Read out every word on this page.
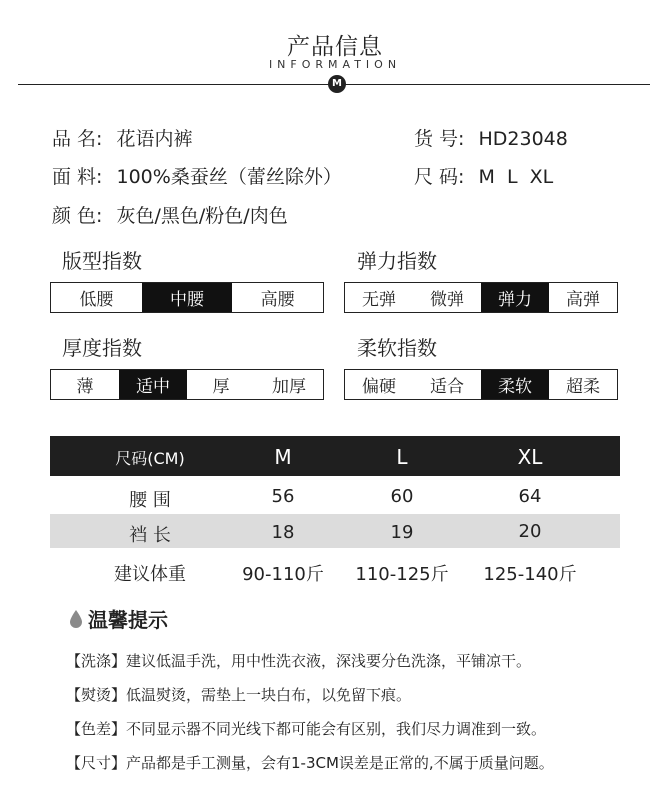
产品信息
INFORMATION
M
品 名: 花语内裤	货 号: HD23048
面 料: 100%桑蚕丝（蕾丝除外）	尺 码: M  L  XL
颜 色: 灰色/黑色/粉色/肉色
版型指数
低腰	中腰	高腰
弹力指数
无弹	微弹	弹力	高弹
厚度指数
薄	适中	厚	加厚
柔软指数
偏硬	适合	柔软	超柔
尺码(CM)	M	L	XL
腰 围	56	60	64
裆 长	18	19	20
建议体重	90-110斤	110-125斤	125-140斤
温馨提示
【洗涤】建议低温手洗，用中性洗衣液，深浅要分色洗涤，平铺凉干。
【熨烫】低温熨烫，需垫上一块白布，以免留下痕。
【色差】不同显示器不同光线下都可能会有区别，我们尽力调准到一致。
【尺寸】产品都是手工测量，会有1-3CM误差是正常的,不属于质量问题。
